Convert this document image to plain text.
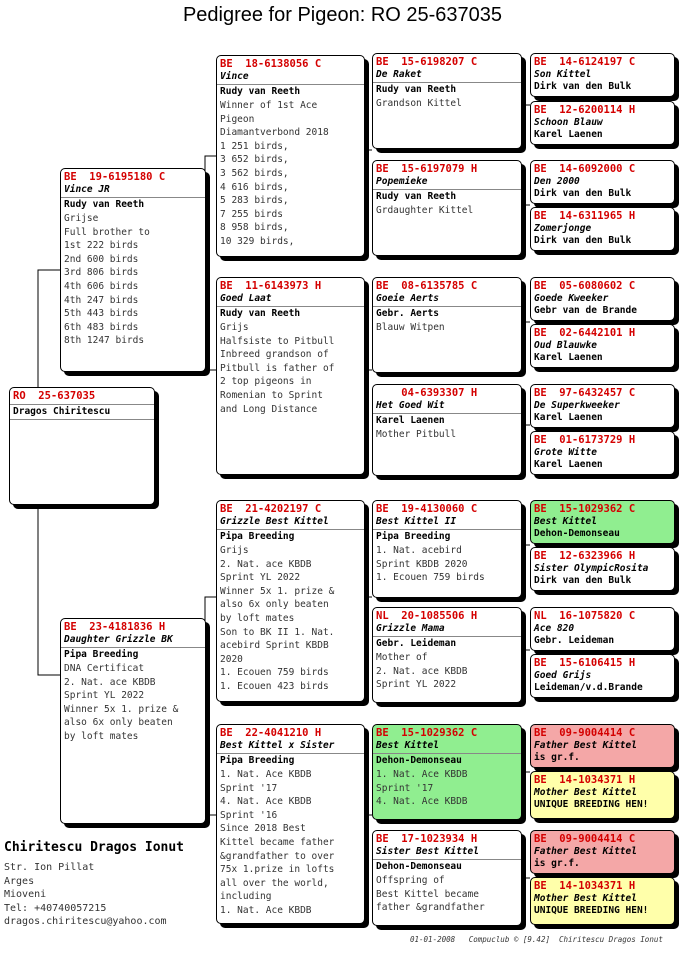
Pedigree for Pigeon: RO 25-637035
RO  25-637035
Dragos Chiritescu
BE  19-6195180 C
Vince JR
Rudy van Reeth
Grijse
Full brother to
1st 222 birds
2nd 600 birds
3rd 806 birds
4th 606 birds
4th 247 birds
5th 443 birds
6th 483 birds
8th 1247 birds
BE  23-4181836 H
Daughter Grizzle BK
Pipa Breeding
DNA Certificat
2. Nat. ace KBDB
Sprint YL 2022
Winner 5x 1. prize &
also 6x only beaten
by loft mates
BE  18-6138056 C
Vince
Rudy van Reeth
Winner of 1st Ace
Pigeon
Diamantverbond 2018
1 251 birds,
3 652 birds,
3 562 birds,
4 616 birds,
5 283 birds,
7 255 birds
8 958 birds,
10 329 birds,
BE  11-6143973 H
Goed Laat
Rudy van Reeth
Grijs
Halfsiste to Pitbull
Inbreed grandson of
Pitbull is father of
2 top pigeons in
Romenian to Sprint
and Long Distance
BE  21-4202197 C
Grizzle Best Kittel
Pipa Breeding
Grijs
2. Nat. ace KBDB
Sprint YL 2022
Winner 5x 1. prize &
also 6x only beaten
by loft mates
Son to BK II 1. Nat.
acebird Sprint KBDB
2020
1. Ecouen 759 birds
1. Ecouen 423 birds
BE  22-4041210 H
Best Kittel x Sister
Pipa Breeding
1. Nat. Ace KBDB
Sprint '17
4. Nat. Ace KBDB
Sprint '16
Since 2018 Best
Kittel became father
&grandfather to over
75x 1.prize in lofts
all over the world,
including
1. Nat. Ace KBDB
BE  15-6198207 C
De Raket
Rudy van Reeth
Grandson Kittel
BE  15-6197079 H
Popemieke
Rudy van Reeth
Grdaughter Kittel
BE  08-6135785 C
Goeie Aerts
Gebr. Aerts
Blauw Witpen
04-6393307 H
Het Goed Wit
Karel Laenen
Mother Pitbull
BE  19-4130060 C
Best Kittel II
Pipa Breeding
1. Nat. acebird
Sprint KBDB 2020
1. Ecouen 759 birds
NL  20-1085506 H
Grizzle Mama
Gebr. Leideman
Mother of
2. Nat. ace KBDB
Sprint YL 2022
BE  15-1029362 C
Best Kittel
Dehon-Demonseau
1. Nat. Ace KBDB
Sprint '17
4. Nat. Ace KBDB
BE  17-1023934 H
Sister Best Kittel
Dehon-Demonseau
Offspring of
Best Kittel became
father &grandfather
BE  14-6124197 C
Son Kittel
Dirk van den Bulk
BE  12-6200114 H
Schoon Blauw
Karel Laenen
BE  14-6092000 C
Den 2000
Dirk van den Bulk
BE  14-6311965 H
Zomerjonge
Dirk van den Bulk
BE  05-6080602 C
Goede Kweeker
Gebr van de Brande
BE  02-6442101 H
Oud Blauwke
Karel Laenen
BE  97-6432457 C
De Superkweeker
Karel Laenen
BE  01-6173729 H
Grote Witte
Karel Laenen
BE  15-1029362 C
Best Kittel
Dehon-Demonseau
BE  12-6323966 H
Sister OlympicRosita
Dirk van den Bulk
NL  16-1075820 C
Ace 820
Gebr. Leideman
BE  15-6106415 H
Goed Grijs
Leideman/v.d.Brande
BE  09-9004414 C
Father Best Kittel
is gr.f.
BE  14-1034371 H
Mother Best Kittel
UNIQUE BREEDING HEN!
BE  09-9004414 C
Father Best Kittel
is gr.f.
BE  14-1034371 H
Mother Best Kittel
UNIQUE BREEDING HEN!
Chiritescu Dragos Ionut
Str. Ion Pillat
Arges
Mioveni
Tel: +40740057215
dragos.chiritescu@yahoo.com
01-01-2008   Compuclub © [9.42]  Chiritescu Dragos Ionut
